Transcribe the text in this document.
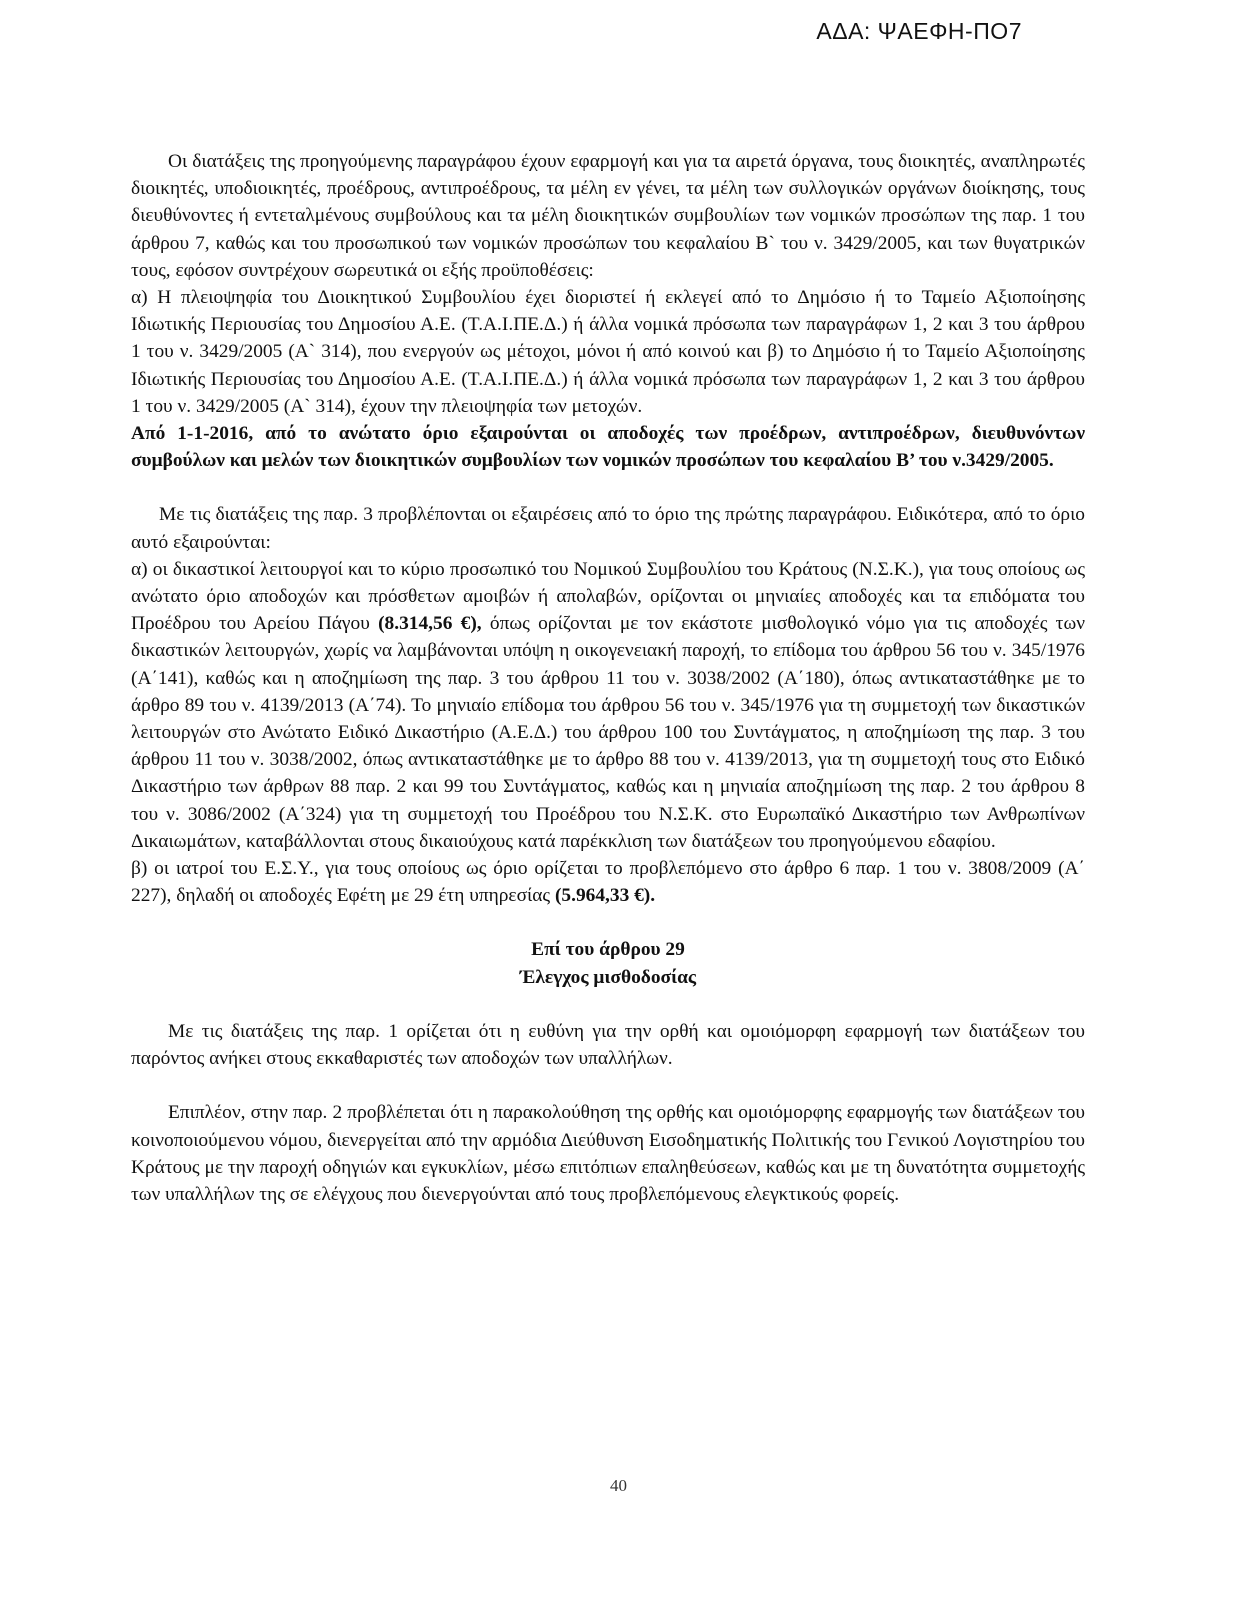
ΑΔΑ: ΨΑΕΦΗ-ΠΟ7

Οι διατάξεις της προηγούμενης παραγράφου έχουν εφαρμογή και για τα αιρετά όργανα, τους διοικητές, αναπληρωτές διοικητές, υποδιοικητές, προέδρους, αντιπροέδρους, τα μέλη εν γένει, τα μέλη των συλλογικών οργάνων διοίκησης, τους διευθύνοντες ή εντεταλμένους συμβούλους και τα μέλη διοικητικών συμβουλίων των νομικών προσώπων της παρ. 1 του άρθρου 7, καθώς και του προσωπικού των νομικών προσώπων του κεφαλαίου Β` του ν. 3429/2005, και των θυγατρικών τους, εφόσον συντρέχουν σωρευτικά οι εξής προϋποθέσεις:

α) Η πλειοψηφία του Διοικητικού Συμβουλίου έχει διοριστεί ή εκλεγεί από το Δημόσιο ή το Ταμείο Αξιοποίησης Ιδιωτικής Περιουσίας του Δημοσίου Α.Ε. (Τ.Α.Ι.ΠΕ.Δ.) ή άλλα νομικά πρόσωπα των παραγράφων 1, 2 και 3 του άρθρου 1 του ν. 3429/2005 (Α` 314), που ενεργούν ως μέτοχοι, μόνοι ή από κοινού και β) το Δημόσιο ή το Ταμείο Αξιοποίησης Ιδιωτικής Περιουσίας του Δημοσίου Α.Ε. (Τ.Α.Ι.ΠΕ.Δ.) ή άλλα νομικά πρόσωπα των παραγράφων 1, 2 και 3 του άρθρου 1 του ν. 3429/2005 (Α` 314), έχουν την πλειοψηφία των μετοχών.

Από 1-1-2016, από το ανώτατο όριο εξαιρούνται οι αποδοχές των προέδρων, αντιπροέδρων, διευθυνόντων συμβούλων και μελών των διοικητικών συμβουλίων των νομικών προσώπων του κεφαλαίου Β’ του ν.3429/2005.

Με τις διατάξεις της παρ. 3 προβλέπονται οι εξαιρέσεις από το όριο της πρώτης παραγράφου. Ειδικότερα, από το όριο αυτό εξαιρούνται:

α) οι δικαστικοί λειτουργοί και το κύριο προσωπικό του Νομικού Συμβουλίου του Κράτους (Ν.Σ.Κ.), για τους οποίους ως ανώτατο όριο αποδοχών και πρόσθετων αμοιβών ή απολαβών, ορίζονται οι μηνιαίες αποδοχές και τα επιδόματα του Προέδρου του Αρείου Πάγου (8.314,56 €), όπως ορίζονται με τον εκάστοτε μισθολογικό νόμο για τις αποδοχές των δικαστικών λειτουργών, χωρίς να λαμβάνονται υπόψη η οικογενειακή παροχή, το επίδομα του άρθρου 56 του ν. 345/1976 (Α΄141), καθώς και η αποζημίωση της παρ. 3 του άρθρου 11 του ν. 3038/2002 (Α΄180), όπως αντικαταστάθηκε με το άρθρο 89 του ν. 4139/2013 (Α΄74). Το μηνιαίο επίδομα του άρθρου 56 του ν. 345/1976 για τη συμμετοχή των δικαστικών λειτουργών στο Ανώτατο Ειδικό Δικαστήριο (Α.Ε.Δ.) του άρθρου 100 του Συντάγματος, η αποζημίωση της παρ. 3 του άρθρου 11 του ν. 3038/2002, όπως αντικαταστάθηκε με το άρθρο 88 του ν. 4139/2013, για τη συμμετοχή τους στο Ειδικό Δικαστήριο των άρθρων 88 παρ. 2 και 99 του Συντάγματος, καθώς και η μηνιαία αποζημίωση της παρ. 2 του άρθρου 8 του ν. 3086/2002 (Α΄324) για τη συμμετοχή του Προέδρου του Ν.Σ.Κ. στο Ευρωπαϊκό Δικαστήριο των Ανθρωπίνων Δικαιωμάτων, καταβάλλονται στους δικαιούχους κατά παρέκκλιση των διατάξεων του προηγούμενου εδαφίου.

β) οι ιατροί του Ε.Σ.Υ., για τους οποίους ως όριο ορίζεται το προβλεπόμενο στο άρθρο 6 παρ. 1 του ν. 3808/2009 (Α΄ 227), δηλαδή οι αποδοχές Εφέτη με 29 έτη υπηρεσίας (5.964,33 €).

Επί του άρθρου 29

Έλεγχος μισθοδοσίας

Με τις διατάξεις της παρ. 1 ορίζεται ότι η ευθύνη για την ορθή και ομοιόμορφη εφαρμογή των διατάξεων του παρόντος ανήκει στους εκκαθαριστές των αποδοχών των υπαλλήλων.

Επιπλέον, στην παρ. 2 προβλέπεται ότι η παρακολούθηση της ορθής και ομοιόμορφης εφαρμογής των διατάξεων του κοινοποιούμενου νόμου, διενεργείται από την αρμόδια Διεύθυνση Εισοδηματικής Πολιτικής του Γενικού Λογιστηρίου του Κράτους με την παροχή οδηγιών και εγκυκλίων, μέσω επιτόπιων επαληθεύσεων, καθώς και με τη δυνατότητα συμμετοχής των υπαλλήλων της σε ελέγχους που διενεργούνται από τους προβλεπόμενους ελεγκτικούς φορείς.

40
